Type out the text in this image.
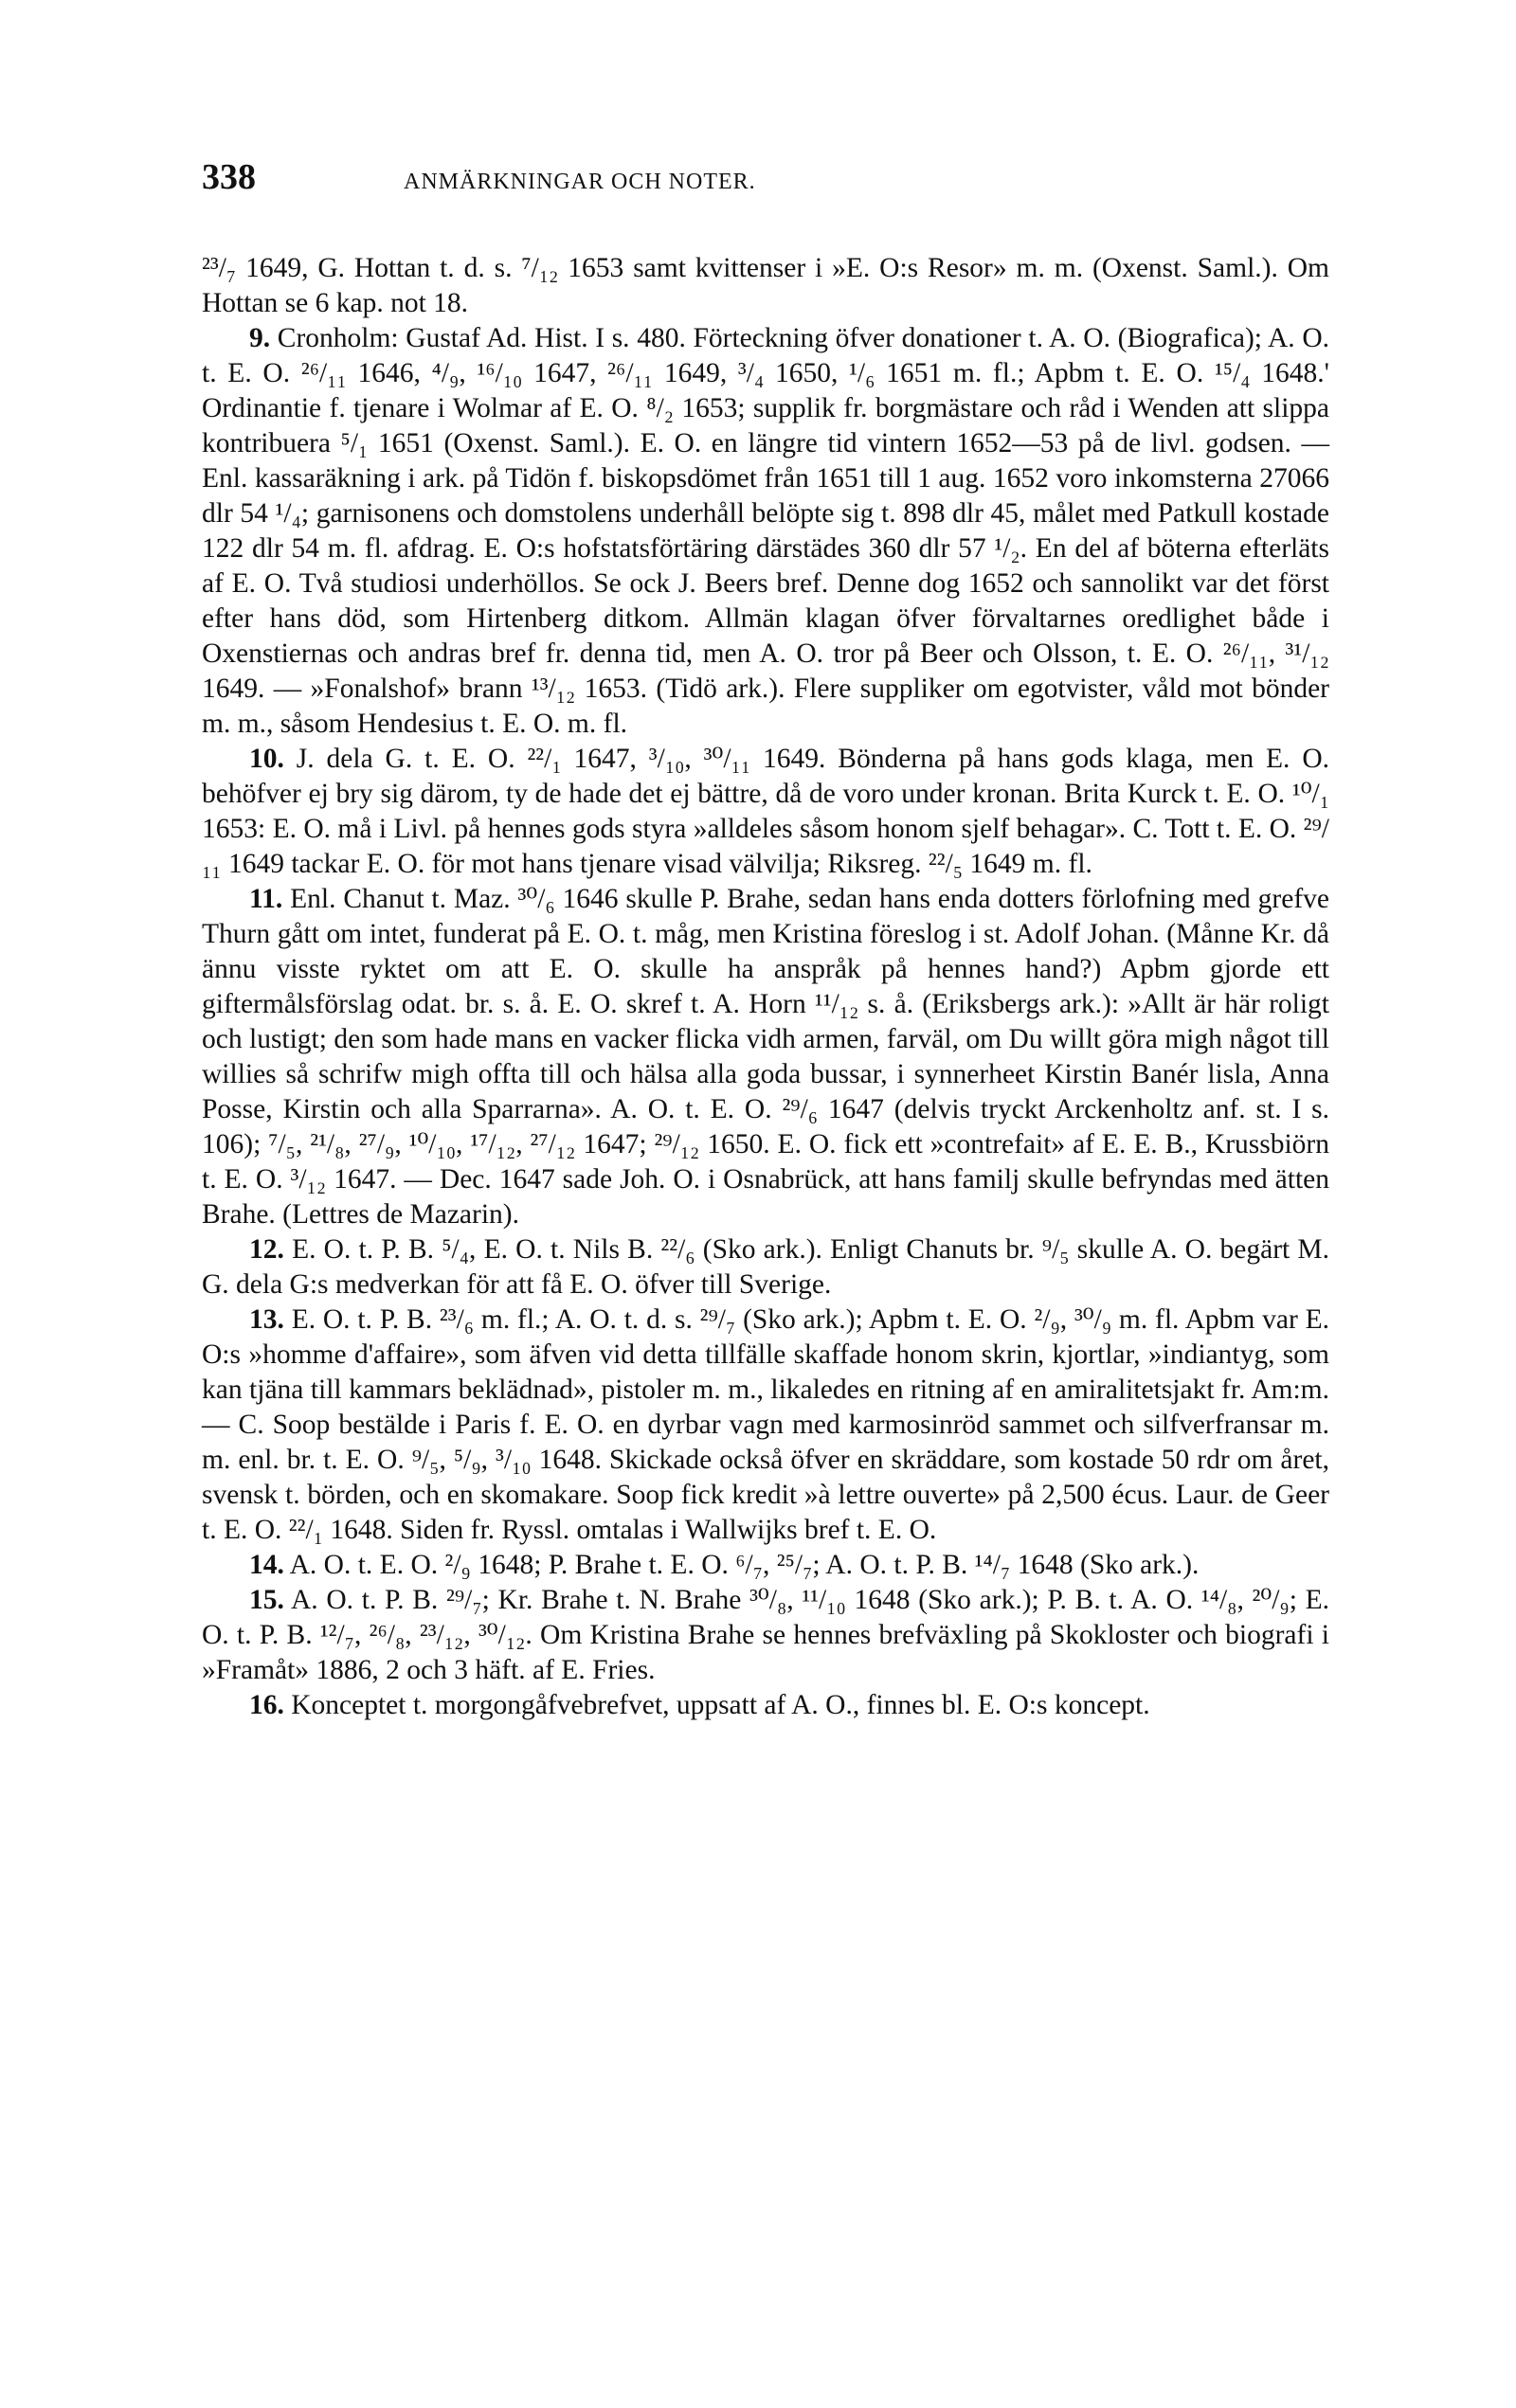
338	ANMÄRKNINGAR OCH NOTER.

²³/₇ 1649, G. Hottan t. d. s. ⁷/₁₂ 1653 samt kvittenser i »E. O:s Resor» m. m. (Oxenst. Saml.). Om Hottan se 6 kap. not 18.

9. Cronholm: Gustaf Ad. Hist. I s. 480. Förteckning öfver donationer t. A. O. (Biografica); A. O. t. E. O. ²⁶/₁₁ 1646, ⁴/₉, ¹⁶/₁₀ 1647, ²⁶/₁₁ 1649, ³/₄ 1650, ¹/₆ 1651 m. fl.; Apbm t. E. O. ¹⁵/₄ 1648.' Ordinantie f. tjenare i Wolmar af E. O. ⁸/₂ 1653; supplik fr. borgmästare och råd i Wenden att slippa kontribuera ⁵/₁ 1651 (Oxenst. Saml.). E. O. en längre tid vintern 1652—53 på de livl. godsen. — Enl. kassaräkning i ark. på Tidön f. biskopsdömet från 1651 till 1 aug. 1652 voro inkomsterna 27066 dlr 54 ¹/₄; garnisonens och domstolens underhåll belöpte sig t. 898 dlr 45, målet med Patkull kostade 122 dlr 54 m. fl. afdrag. E. O:s hofstatsförtäring därstädes 360 dlr 57 ¹/₂. En del af böterna efterläts af E. O. Två studiosi underhöllos. Se ock J. Beers bref. Denne dog 1652 och sannolikt var det först efter hans död, som Hirtenberg ditkom. Allmän klagan öfver förvaltarnes oredlighet både i Oxenstiernas och andras bref fr. denna tid, men A. O. tror på Beer och Olsson, t. E. O. ²⁶/₁₁, ³¹/₁₂ 1649. — »Fonalshof» brann ¹³/₁₂ 1653. (Tidö ark.). Flere suppliker om egotvister, våld mot bönder m. m., såsom Hendesius t. E. O. m. fl.

10. J. dela G. t. E. O. ²²/₁ 1647, ³/₁₀, ³⁰/₁₁ 1649. Bönderna på hans gods klaga, men E. O. behöfver ej bry sig därom, ty de hade det ej bättre, då de voro under kronan. Brita Kurck t. E. O. ¹⁰/₁ 1653: E. O. må i Livl. på hennes gods styra »alldeles såsom honom sjelf behagar». C. Tott t. E. O. ²⁹/₁₁ 1649 tackar E. O. för mot hans tjenare visad välvilja; Riksreg. ²²/₅ 1649 m. fl.

11. Enl. Chanut t. Maz. ³⁰/₆ 1646 skulle P. Brahe, sedan hans enda dotters förlofning med grefve Thurn gått om intet, funderat på E. O. t. måg, men Kristina föreslog i st. Adolf Johan. (Månne Kr. då ännu visste ryktet om att E. O. skulle ha anspråk på hennes hand?) Apbm gjorde ett giftermålsförslag odat. br. s. å. E. O. skref t. A. Horn ¹¹/₁₂ s. å. (Eriksbergs ark.): »Allt är här roligt och lustigt; den som hade mans en vacker flicka vidh armen, farväl, om Du willt göra migh något till willies så schrifw migh offta till och hälsa alla goda bussar, i synnerheet Kirstin Banér lisla, Anna Posse, Kirstin och alla Sparrarna». A. O. t. E. O. ²⁹/₆ 1647 (delvis tryckt Arckenholtz anf. st. I s. 106); ⁷/₅, ²¹/₈, ²⁷/₉, ¹⁰/₁₀, ¹⁷/₁₂, ²⁷/₁₂ 1647; ²⁹/₁₂ 1650. E. O. fick ett »contrefait» af E. E. B., Krussbiörn t. E. O. ³/₁₂ 1647. — Dec. 1647 sade Joh. O. i Osnabrück, att hans familj skulle befryndas med ätten Brahe. (Lettres de Mazarin).

12. E. O. t. P. B. ⁵/₄, E. O. t. Nils B. ²²/₆ (Sko ark.). Enligt Chanuts br. ⁹/₅ skulle A. O. begärt M. G. dela G:s medverkan för att få E. O. öfver till Sverige.

13. E. O. t. P. B. ²³/₆ m. fl.; A. O. t. d. s. ²⁹/₇ (Sko ark.); Apbm t. E. O. ²/₉, ³⁰/₉ m. fl. Apbm var E. O:s »homme d'affaire», som äfven vid detta tillfälle skaffade honom skrin, kjortlar, »indiantyg, som kan tjäna till kammars beklädnad», pistoler m. m., likaledes en ritning af en amiralitetsjakt fr. Am:m. — C. Soop bestälde i Paris f. E. O. en dyrbar vagn med karmosinröd sammet och silfverfransar m. m. enl. br. t. E. O. ⁹/₅, ⁵/₉, ³/₁₀ 1648. Skickade också öfver en skräddare, som kostade 50 rdr om året, svensk t. börden, och en skomakare. Soop fick kredit »à lettre ouverte» på 2,500 écus. Laur. de Geer t. E. O. ²²/₁ 1648. Siden fr. Ryssl. omtalas i Wallwijks bref t. E. O.

14. A. O. t. E. O. ²/₉ 1648; P. Brahe t. E. O. ⁶/₇, ²⁵/₇; A. O. t. P. B. ¹⁴/₇ 1648 (Sko ark.).

15. A. O. t. P. B. ²⁹/₇; Kr. Brahe t. N. Brahe ³⁰/₈, ¹¹/₁₀ 1648 (Sko ark.); P. B. t. A. O. ¹⁴/₈, ²⁰/₉; E. O. t. P. B. ¹²/₇, ²⁶/₈, ²³/₁₂, ³⁰/₁₂. Om Kristina Brahe se hennes brefväxling på Skokloster och biografi i »Framåt» 1886, 2 och 3 häft. af E. Fries.

16. Konceptet t. morgongåfvebrefvet, uppsatt af A. O., finnes bl. E. O:s koncept.
